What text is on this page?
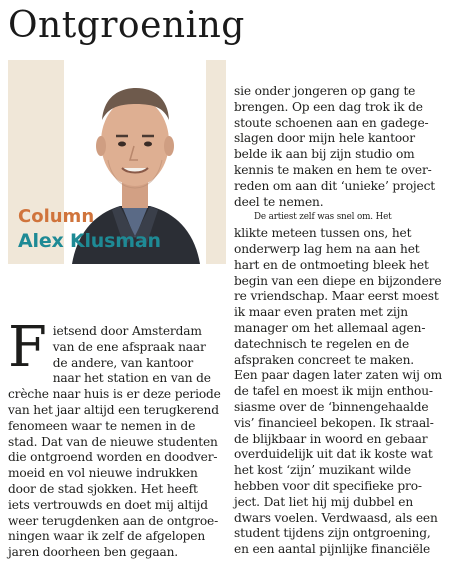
Ontgroening
Column
Alex Klusman

sie onder jongeren op gang te
brengen. Op een dag trok ik de
stoute schoenen aan en gadege-
slagen door mijn hele kantoor
belde ik aan bij zijn studio om
kennis te maken en hem te over-
reden om aan dit ‘unieke’ project
deel te nemen.

De artiest zelf was snel om. Het
klikte meteen tussen ons, het
onderwerp lag hem na aan het
hart en de ontmoeting bleek het
begin van een diepe en bijzondere
re vriendschap. Maar eerst moest
ik maar even praten met zijn
manager om het allemaal agen-
datechnisch te regelen en de
afspraken concreet te maken.
Een paar dagen later zaten wij om
de tafel en moest ik mijn enthou-
siasme over de ‘binnengehaalde
vis’ financieel bekopen. Ik straal-
de blijkbaar in woord en gebaar
overduidelijk uit dat ik koste wat
het kost ‘zijn’ muzikant wilde
hebben voor dit specifieke pro-
ject. Dat liet hij mij dubbel en
dwars voelen. Verdwaasd, als een
student tijdens zijn ontgroening,
en een aantal pijnlijke financiële

F ietsend door Amsterdam
van de ene afspraak naar
de andere, van kantoor
naar het station en van de
crèche naar huis is er deze periode
van het jaar altijd een terugkerend
fenomeen waar te nemen in de
stad. Dat van de nieuwe studenten
die ontgroend worden en doodver-
moeid en vol nieuwe indrukken
door de stad sjokken. Het heeft
iets vertrouwds en doet mij altijd
weer terugdenken aan de ontgroe-
ningen waar ik zelf de afgelopen
jaren doorheen ben gegaan.
